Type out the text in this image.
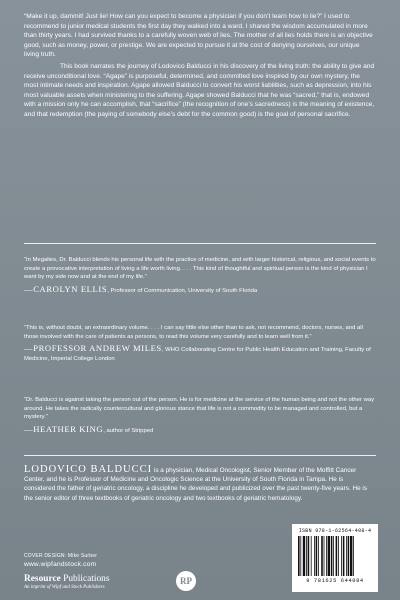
“Make it up, dammit! Just lie! How can you expect to become a physician if you don’t learn how to lie?” I used to recommend to junior medical students the first day they walked into a ward. I shared the wisdom accumulated in more than thirty years. I had survived thanks to a carefully woven web of lies. The mother of all lies holds there is an objective good, such as money, power, or prestige. We are expected to pursue it at the cost of denying ourselves, our unique living truth.

This book narrates the journey of Lodovico Balducci in his discovery of the living truth: the ability to give and receive unconditional love. “Agape” is purposeful, determined, and committed love inspired by our own mystery, the most intimate needs and inspiration. Agape allowed Balducci to convert his worst liabilities, such as depression, into his most valuable assets when ministering to the suffering. Agape showed Balducci that he was “sacred,” that is, endowed with a mission only he can accomplish, that “sacrifice” (the recognition of one’s sacredness) is the meaning of existence, and that redemption (the paying of somebody else’s debt for the common good) is the goal of personal sacrifice.

“In Megalies, Dr. Balducci blends his personal life with the practice of medicine, and with larger historical, religious, and social events to create a provocative interpretation of living a life worth living. . . . This kind of thoughtful and spiritual person is the kind of physician I want by my side now and at the end of my life.”
— CAROLYN ELLIS, Professor of Communication, University of South Florida
“This is, without doubt, an extraordinary volume. . . . I can say little else other than to ask, not recommend, doctors, nurses, and all those involved with the care of patients as persons, to read this volume very carefully and to learn well from it.”
— PROFESSOR ANDREW MILES, WHO Collaborating Centre for Public Health Education and Training, Faculty of Medicine, Imperial College London
“Dr. Balducci is against taking the person out of the person. He is for medicine at the service of the human being and not the other way around. He takes the radically countercultural and glorious stance that life is not a commodity to be managed and controlled, but a mystery.”
— HEATHER KING, author of Stripped
LODOVICO BALDUCCI is a physician, Medical Oncologist, Senior Member of the Moffitt Cancer Center, and he is Professor of Medicine and Oncologic Science at the University of South Florida in Tampa. He is considered the father of geriatric oncology, a discipline he developed and publicized over the past twenty-five years. He is the senior editor of three textbooks of geriatric oncology and two textbooks of geriatric hematology.
COVER DESIGN: Mike Surber
www.wipfandstock.com
Resource Publications
An imprint of Wipf and Stock Publishers
RP
ISBN 978-1-62564-408-4
9 781625 644084
